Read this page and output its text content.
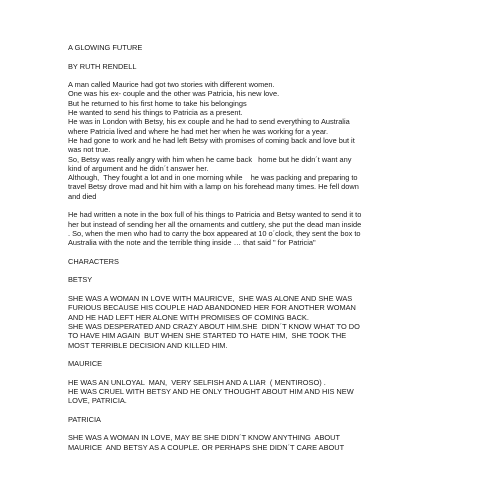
A GLOWING FUTURE
BY RUTH RENDELL
A man called Maurice had got two stories with different women.
One was his ex- couple and the other was Patricia, his new love.
But he returned to his first home to take his belongings
He wanted to send his things to Patricia as a present.
He was in London with Betsy, his ex couple and he had to send everything to Australia
where Patricia lived and where he had met her when he was working for a year.
He had gone to work and he had left Betsy with promises of coming back and love but it
was not true.
So, Betsy was really angry with him when he came back   home but he didn´t want any
kind of argument and he didn´t answer her.
Although,  They fought a lot and in one morning while    he was packing and preparing to
travel Betsy drove mad and hit him with a lamp on his forehead many times. He fell down
and died
He had written a note in the box full of his things to Patricia and Betsy wanted to send it to
her but instead of sending her all the ornaments and cuttlery, she put the dead man inside
. So, when the men who had to carry the box appeared at 10 o´clock, they sent the box to
Australia with the note and the terrible thing inside … that said " for Patricia"
CHARACTERS
BETSY
SHE WAS A WOMAN IN LOVE WITH MAURICVE,  SHE WAS ALONE AND SHE WAS
FURIOUS BECAUSE HIS COUPLE HAD ABANDONED HER FOR ANOTHER WOMAN
AND HE HAD LEFT HER ALONE WITH PROMISES OF COMING BACK.
SHE WAS DESPERATED AND CRAZY ABOUT HIM.SHE  DIDN´T KNOW WHAT TO DO
TO HAVE HIM AGAIN  BUT WHEN SHE STARTED TO HATE HIM,  SHE TOOK THE
MOST TERRIBLE DECISION AND KILLED HIM.
MAURICE
HE WAS AN UNLOYAL  MAN,  VERY SELFISH AND A LIAR  ( MENTIROSO) .
HE WAS CRUEL WITH BETSY AND HE ONLY THOUGHT ABOUT HIM AND HIS NEW
LOVE, PATRICIA.
PATRICIA
SHE WAS A WOMAN IN LOVE, MAY BE SHE DIDN´T KNOW ANYTHING  ABOUT
MAURICE  AND BETSY AS A COUPLE. OR PERHAPS SHE DIDN´T CARE ABOUT
